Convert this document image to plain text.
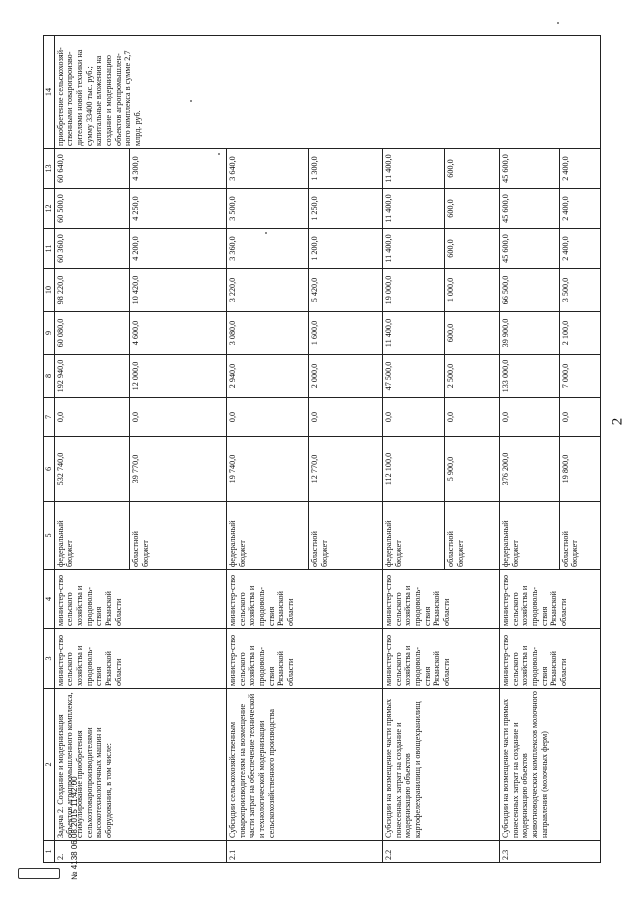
2
1	2	3	4	5	6	7	8	9	10	11	12	13	14
2.	Задача 2. Создание и модернизация объектов агропромышленного комплекса, стимулирование приобретения сельхозтоваропроизводителями высокотехнологичных машин и оборудования, в том числе:	министер-ство сельского хозяйства и продоволь-ствия Рязанской области	министер-ство сельского хозяйства и продоволь-ствия Рязанской области	федеральный бюджет	532 740,0	0,0	192 940,0	60 080,0	98 220,0	60 360,0	60 500,0	60 640,0	приобретение сельскохозяй-ственными товаропроизво-дителями новой техники на сумму 33400 тыс. руб.; капитальные вложения на создание и модернизацию объектов агропромышлен-ного комплекса в сумме 2,7 млрд. руб.
				областной бюджет	39 770,0	0,0	12 000,0	4 600,0	10 420,0	4 200,0	4 250,0	4 300,0	
2.1	Субсидии сельскохозяйственным товаропроизводителям на возмещение части затрат на обеспечение технической и технологической модернизации сельскохозяйственного производства	министер-ство сельского хозяйства и продоволь-ствия Рязанской области	министер-ство сельского хозяйства и продоволь-ствия Рязанской области	федеральный бюджет	19 740,0	0,0	2 940,0	3 080,0	3 220,0	3 360,0	3 500,0	3 640,0	
				областной бюджет	12 770,0	0,0	2 000,0	1 600,0	5 420,0	1 200,0	1 250,0	1 300,0	
2.2	Субсидии на возмещение части прямых понесенных затрат на создание и модернизацию объектов картофелехранилищ и овощехранилищ	министер-ство сельского хозяйства и продоволь-ствия Рязанской области	министер-ство сельского хозяйства и продоволь-ствия Рязанской области	федеральный бюджет	112 100,0	0,0	47 500,0	11 400,0	19 000,0	11 400,0	11 400,0	11 400,0	
				областной бюджет	5 900,0	0,0	2 500,0	600,0	1 000,0	600,0	600,0	600,0	
2.3	Субсидии на возмещение части прямых понесенных затрат на создание и модернизацию объектов животноводческих комплексов молочного направления (молочных ферм)	министер-ство сельского хозяйства и продоволь-ствия Рязанской области	министер-ство сельского хозяйства и продоволь-ствия Рязанской области	федеральный бюджет	376 200,0	0,0	133 000,0	39 900,0	66 500,0	45 600,0	45 600,0	45 600,0	
				областной бюджет	19 800,0	0,0	7 000,0	2 100,0	3 500,0	2 400,0	2 400,0	2 400,0	
№ 4138 06.08.2015 11:42:00
